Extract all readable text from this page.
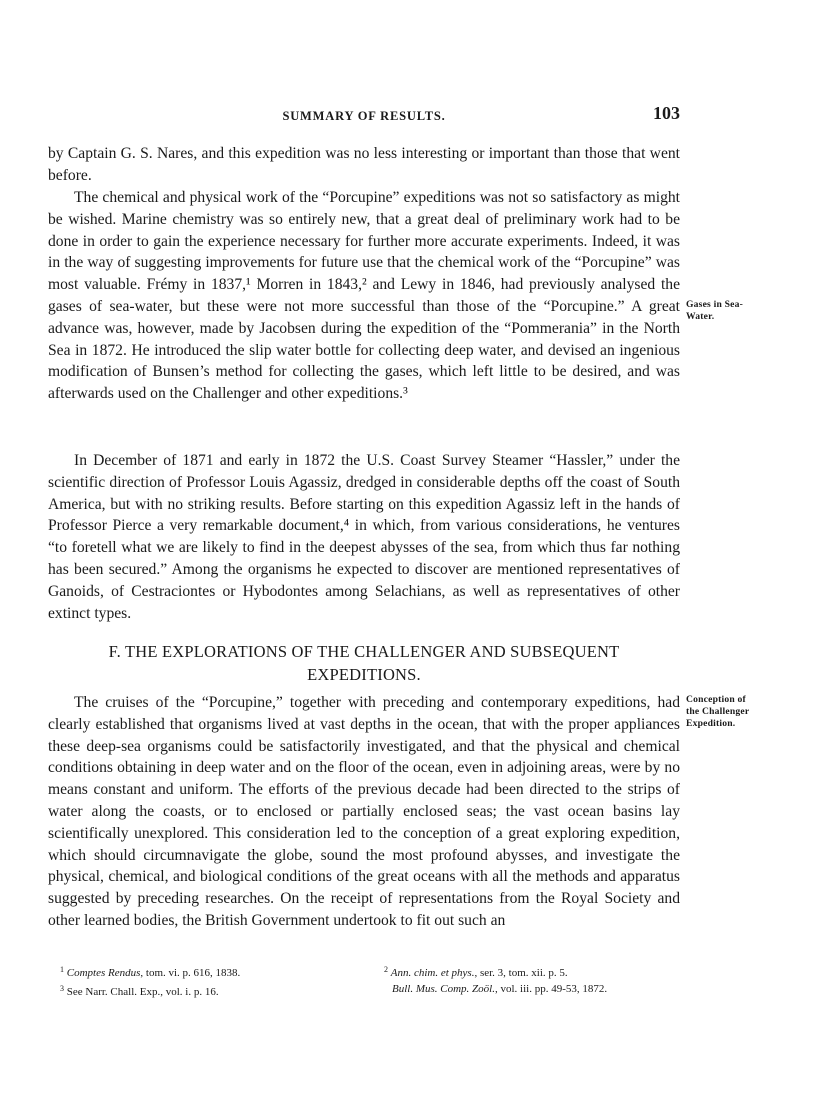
SUMMARY OF RESULTS.	103

by Captain G. S. Nares, and this expedition was no less interesting or important than those that went before.

The chemical and physical work of the “Porcupine” expeditions was not so satisfactory as might be wished. Marine chemistry was so entirely new, that a great deal of preliminary work had to be done in order to gain the experience necessary for further more accurate experiments. Indeed, it was in the way of suggesting improvements for future use that the chemical work of the “Porcupine” was most valuable. Frémy in 1837,¹ Morren in 1843,² and Lewy in 1846, had previously analysed the gases of sea-water, but these were not more successful than those of the “Porcupine.” A great advance was, however, made by Jacobsen during the expedition of the “Pommerania” in the North Sea in 1872. He introduced the slip water bottle for collecting deep water, and devised an ingenious modification of Bunsen’s method for collecting the gases, which left little to be desired, and was afterwards used on the Challenger and other expeditions.³

In December of 1871 and early in 1872 the U.S. Coast Survey Steamer “Hassler,” under the scientific direction of Professor Louis Agassiz, dredged in considerable depths off the coast of South America, but with no striking results. Before starting on this expedition Agassiz left in the hands of Professor Pierce a very remarkable document,⁴ in which, from various considerations, he ventures “to foretell what we are likely to find in the deepest abysses of the sea, from which thus far nothing has been secured.” Among the organisms he expected to discover are mentioned representatives of Ganoids, of Cestraciontes or Hybodontes among Selachians, as well as representatives of other extinct types.

F. THE EXPLORATIONS OF THE CHALLENGER AND SUBSEQUENT
EXPEDITIONS.

The cruises of the “Porcupine,” together with preceding and contemporary expeditions, had clearly established that organisms lived at vast depths in the ocean, that with the proper appliances these deep-sea organisms could be satisfactorily investigated, and that the physical and chemical conditions obtaining in deep water and on the floor of the ocean, even in adjoining areas, were by no means constant and uniform. The efforts of the previous decade had been directed to the strips of water along the coasts, or to enclosed or partially enclosed seas; the vast ocean basins lay scientifically unexplored. This consideration led to the conception of a great exploring expedition, which should circumnavigate the globe, sound the most profound abysses, and investigate the physical, chemical, and biological conditions of the great oceans with all the methods and apparatus suggested by preceding researches. On the receipt of representations from the Royal Society and other learned bodies, the British Government undertook to fit out such an

Gases in Sea-
Water.
Conception of
the Challenger
Expedition.
$^1$ Comptes Rendus, tom. vi. p. 616, 1838.
$^3$ See Narr. Chall. Exp., vol. i. p. 16.
$^2$ Ann. chim. et phys., ser. 3, tom. xii. p. 5.
Bull. Mus. Comp. Zoöl., vol. iii. pp. 49-53, 1872.
